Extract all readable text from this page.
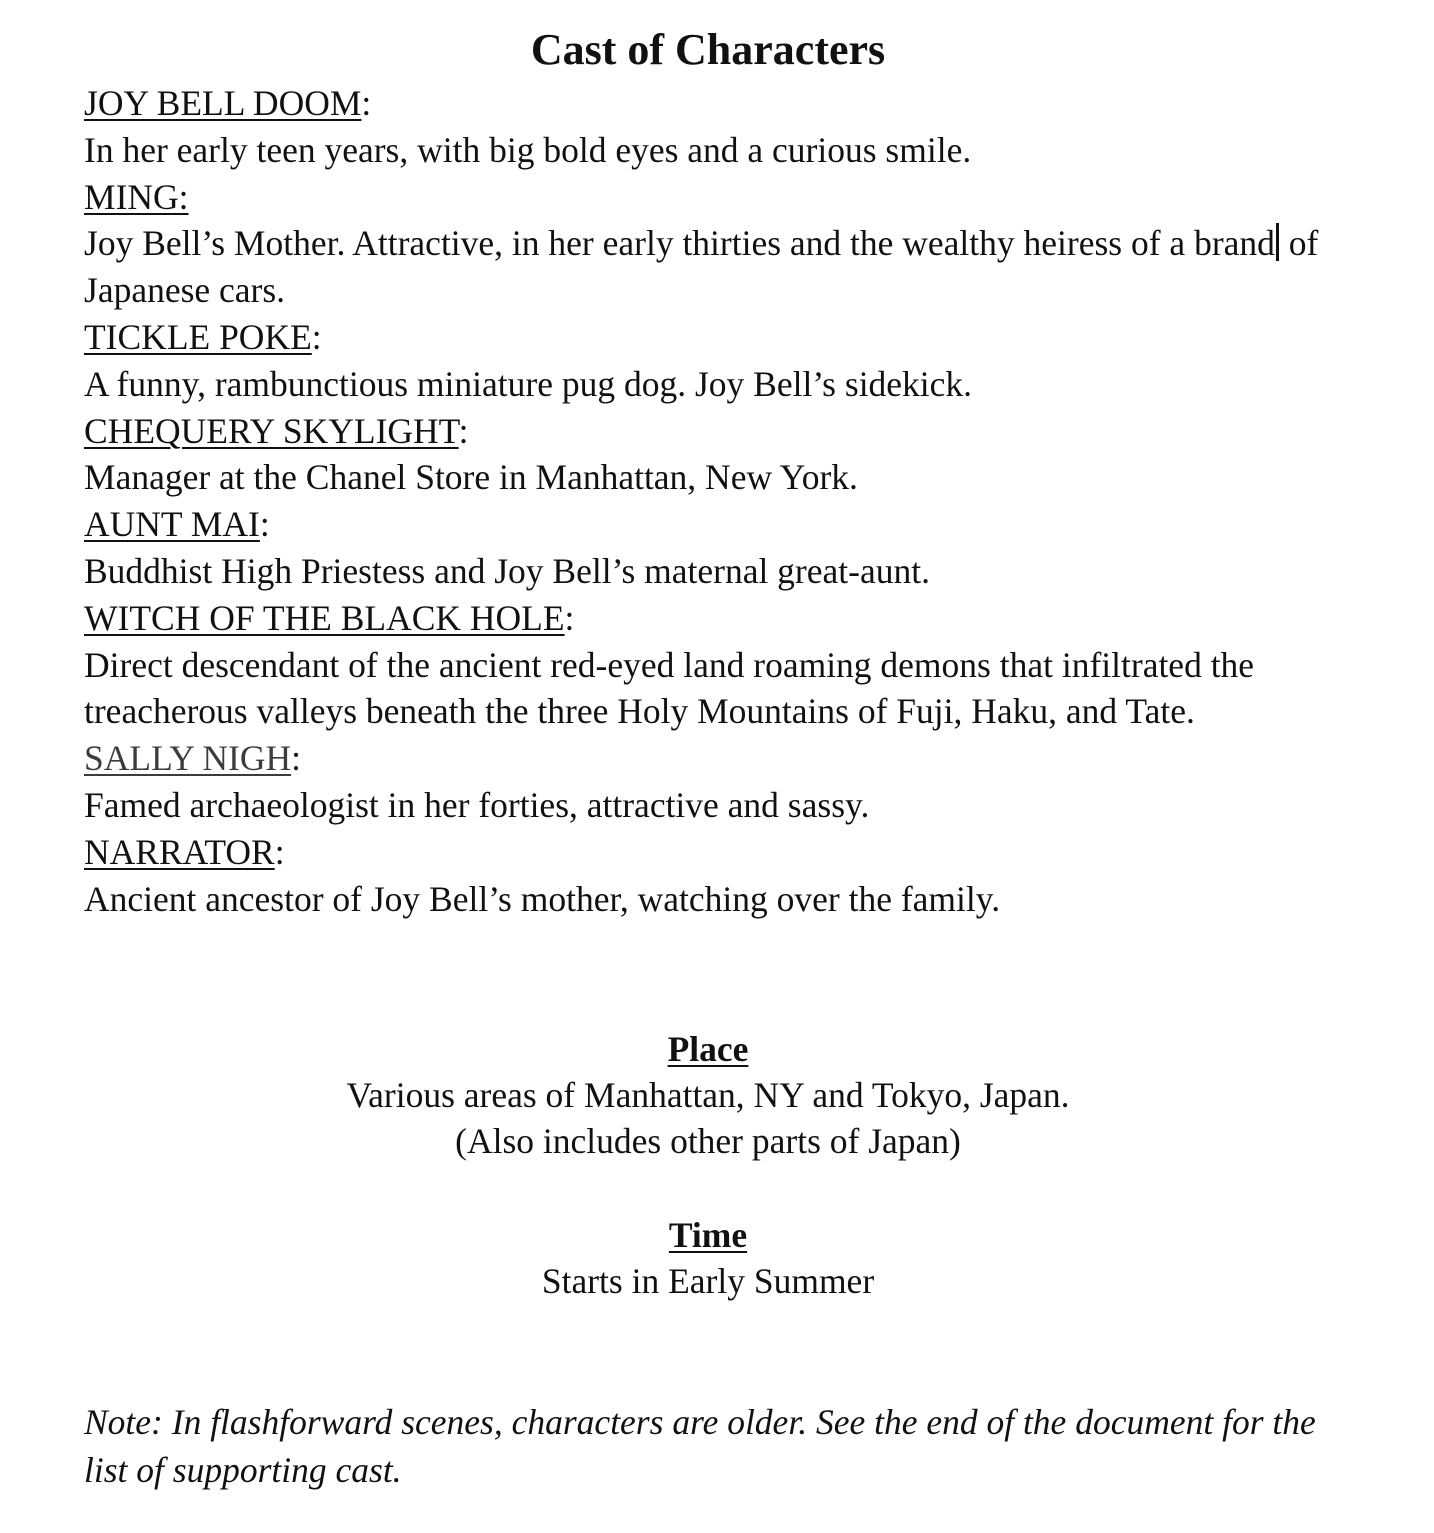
Cast of Characters
JOY BELL DOOM:
In her early teen years, with big bold eyes and a curious smile.
MING:
Joy Bell’s Mother. Attractive, in her early thirties and the wealthy heiress of a brand of Japanese cars.
TICKLE POKE:
A funny, rambunctious miniature pug dog. Joy Bell’s sidekick.
CHEQUERY SKYLIGHT:
Manager at the Chanel Store in Manhattan, New York.
AUNT MAI:
Buddhist High Priestess and Joy Bell’s maternal great-aunt.
WITCH OF THE BLACK HOLE:
Direct descendant of the ancient red-eyed land roaming demons that infiltrated the treacherous valleys beneath the three Holy Mountains of Fuji, Haku, and Tate.
SALLY NIGH:
Famed archaeologist in her forties, attractive and sassy.
NARRATOR:
Ancient ancestor of Joy Bell’s mother, watching over the family.
Place
Various areas of Manhattan, NY and Tokyo, Japan.
(Also includes other parts of Japan)
Time
Starts in Early Summer
Note: In flashforward scenes, characters are older. See the end of the document for the list of supporting cast.
